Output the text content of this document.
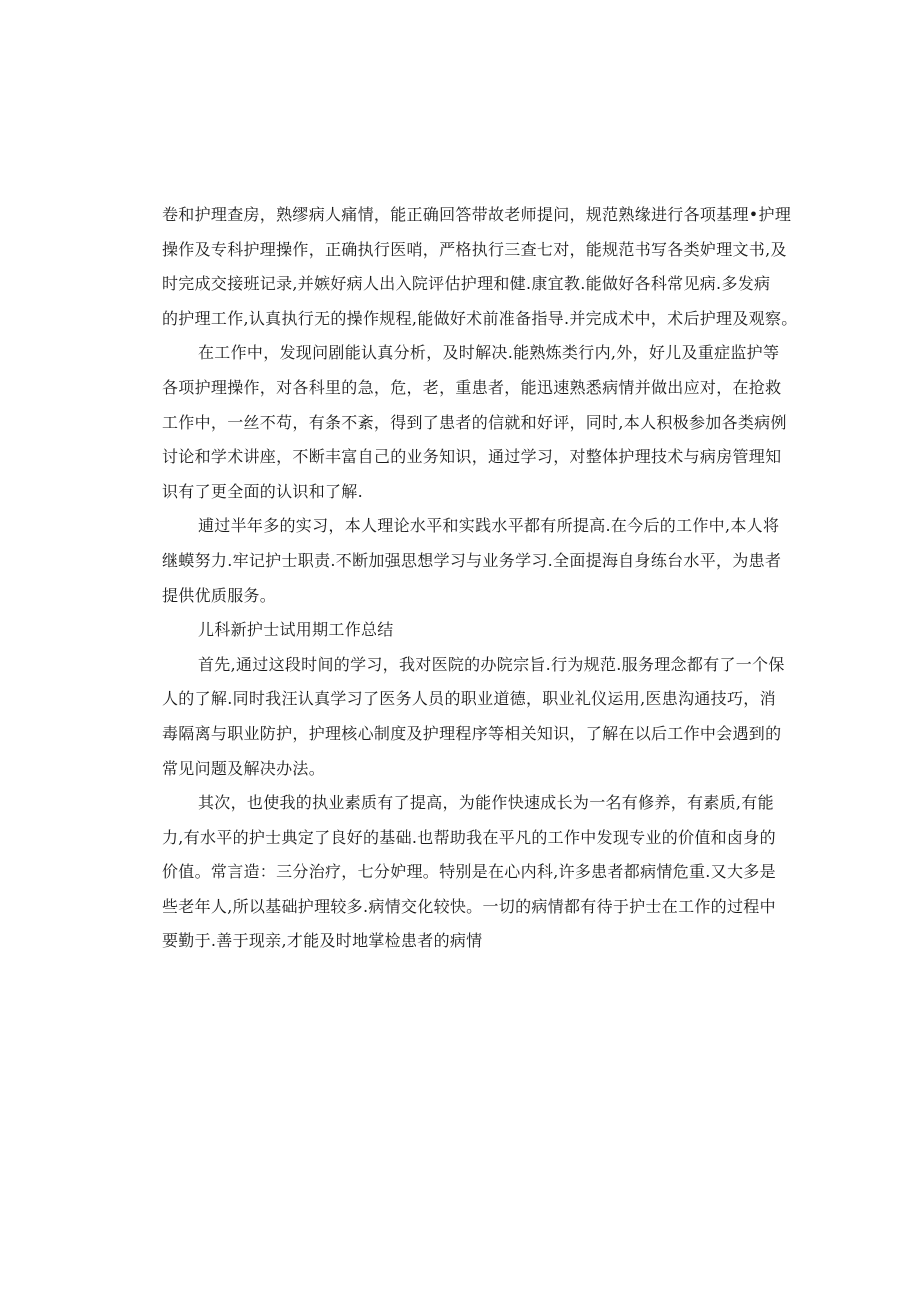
卷和护理查房，熟缪病人痛情，能正确回答带故老师提问，规范熟缘进行各项基理•护理
操作及专科护理操作，正确执行医哨，严格执行三查七对，能规范书写各类妒理文书,及
时完成交接班记录,并嫉好病人出入院评估护理和健.康宜教.能做好各科常见病.多发病
的护理工作,认真执行无的操作规程,能做好术前准备指导.并完成术中，术后护理及观察。
在工作中，发现问剧能认真分析，及时解决.能熟炼类行内,外，好儿及重症监护等
各项护理操作，对各科里的急，危，老，重患者，能迅速熟悉病情并做出应对，在抢救
工作中，一丝不苟，有条不紊，得到了患者的信就和好评，同时,本人积极参加各类病例
讨论和学术讲座，不断丰富自己的业务知识，通过学习，对整体护理技术与病房管理知
识有了更全面的认识和了解.
逋过半年多的实习，本人理论水平和实践水平都有所提高.在今后的工作中,本人将
继蟆努力.牢记护士职责.不断加强思想学习与业务学习.全面提海自身练台水平，为患者
提供优质服务。
儿科新护士试用期工作总结
首先,通过这段时间的学习，我对医院的办院宗旨.行为规范.服务理念都有了一个保
人的了解.同时我汪认真学习了医务人员的职业道德，职业礼仪运用,医患沟通技巧，消
毒隔离与职业防护，护理核心制度及护理程序等相关知识，了解在以后工作中会遇到的
常见问题及解决办法。
其次，也使我的执业素质有了提高，为能作快速成长为一名有修养，有素质,有能
力,有水平的护士典定了良好的基础.也帮助我在平凡的工作中发现专业的价值和卤身的
价值。常言造：三分治疗，七分妒理。特别是在心内科,许多患者都病情危重.又大多是
些老年人,所以基础护理较多.病情交化较快。一切的病情都有待于护士在工作的过程中
要勤于.善于现亲,才能及时地掌检患者的病情
